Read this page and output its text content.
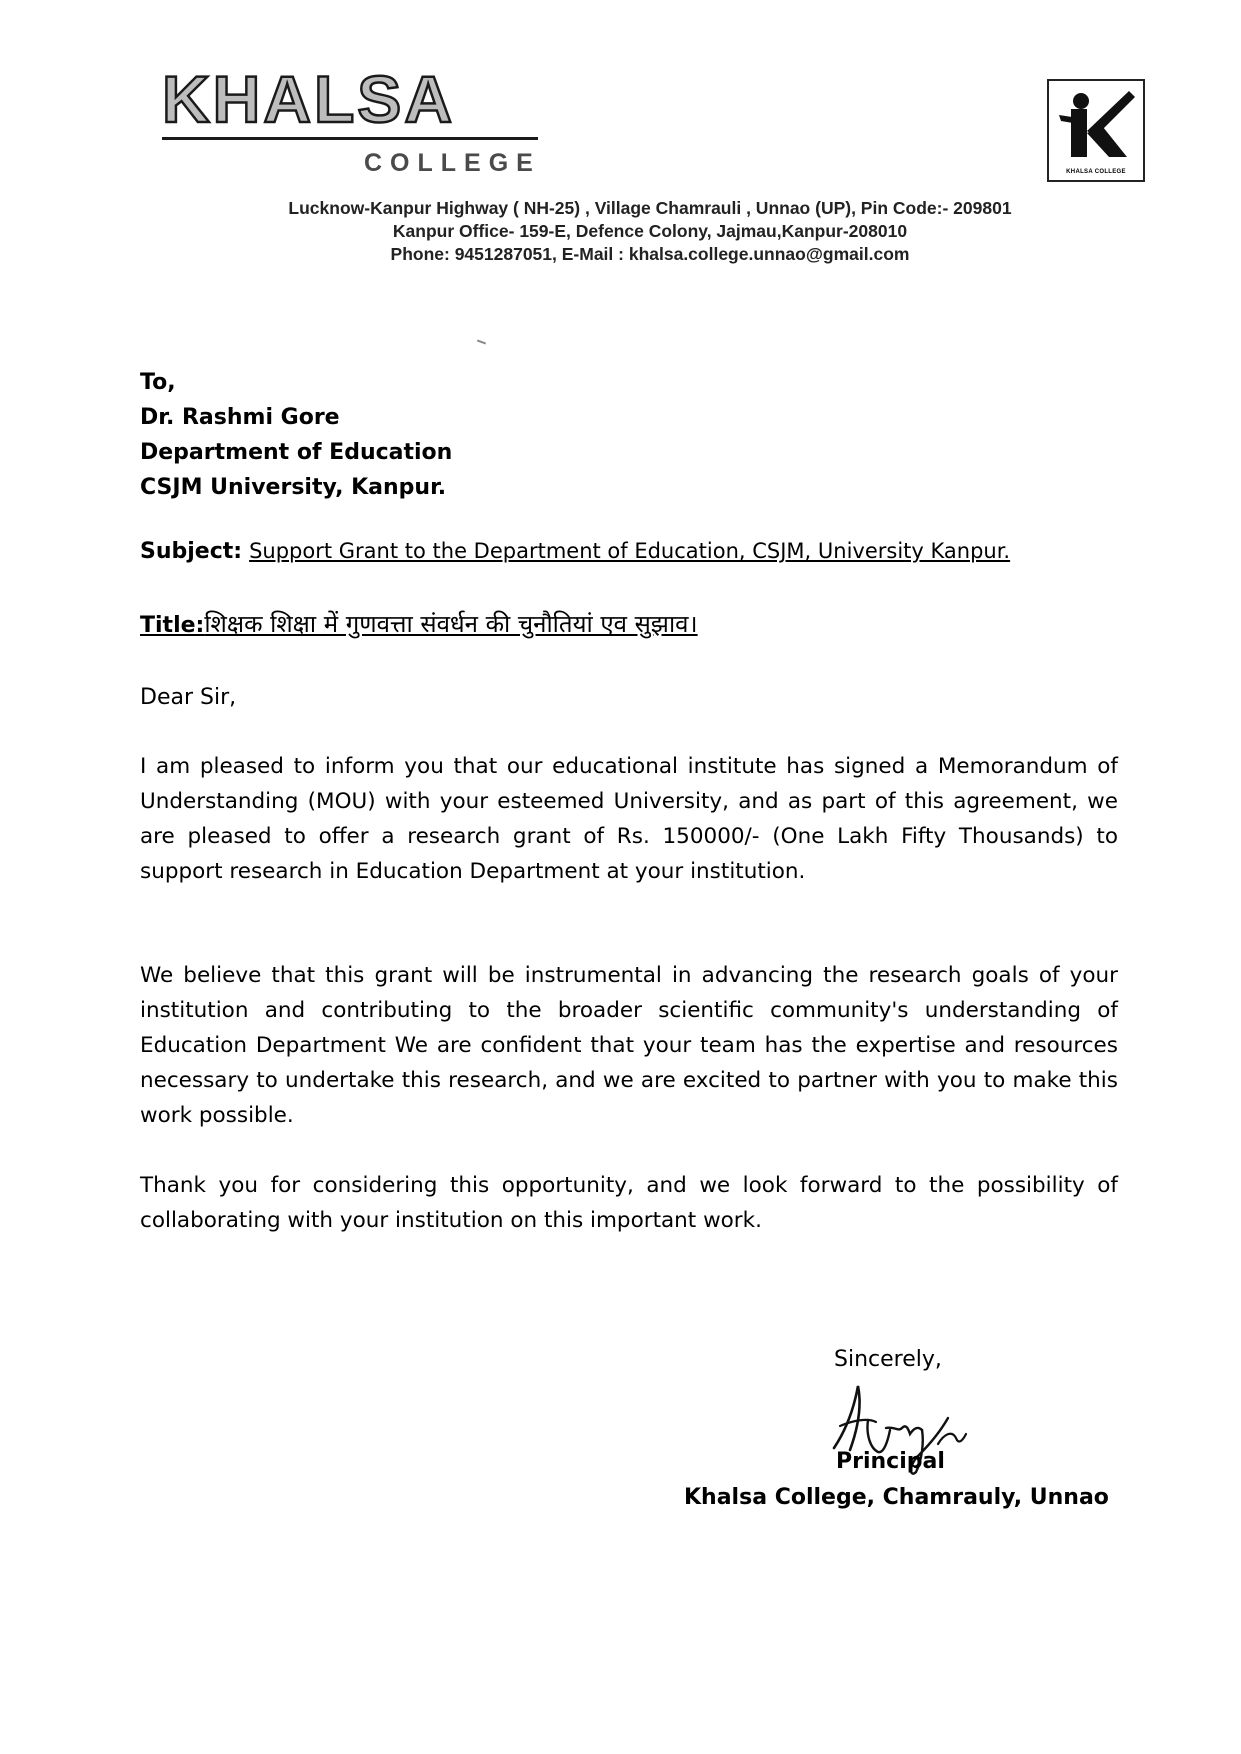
KHALSA
COLLEGE	KHALSA COLLEGE
Lucknow-Kanpur Highway ( NH-25) , Village Chamrauli , Unnao (UP), Pin Code:- 209801
Kanpur Office- 159-E, Defence Colony, Jajmau,Kanpur-208010
Phone: 9451287051, E-Mail : khalsa.college.unnao@gmail.com
To,
Dr. Rashmi Gore
Department of Education
CSJM University, Kanpur.
Subject: Support Grant to the Department of Education, CSJM, University Kanpur.
Title:शिक्षक शिक्षा में गुणवत्ता संवर्धन की चुनौतियां एव सुझाव।
Dear Sir,
I am pleased to inform you that our educational institute has signed a Memorandum of Understanding (MOU) with your esteemed University, and as part of this agreement, we are pleased to offer a research grant of Rs. 150000/- (One Lakh Fifty Thousands) to support research in Education Department at your institution.
We believe that this grant will be instrumental in advancing the research goals of your institution and contributing to the broader scientific community's understanding of Education Department We are confident that your team has the expertise and resources necessary to undertake this research, and we are excited to partner with you to make this work possible.
Thank you for considering this opportunity, and we look forward to the possibility of collaborating with your institution on this important work.
Sincerely,
Principal
Khalsa College, Chamrauly, Unnao
